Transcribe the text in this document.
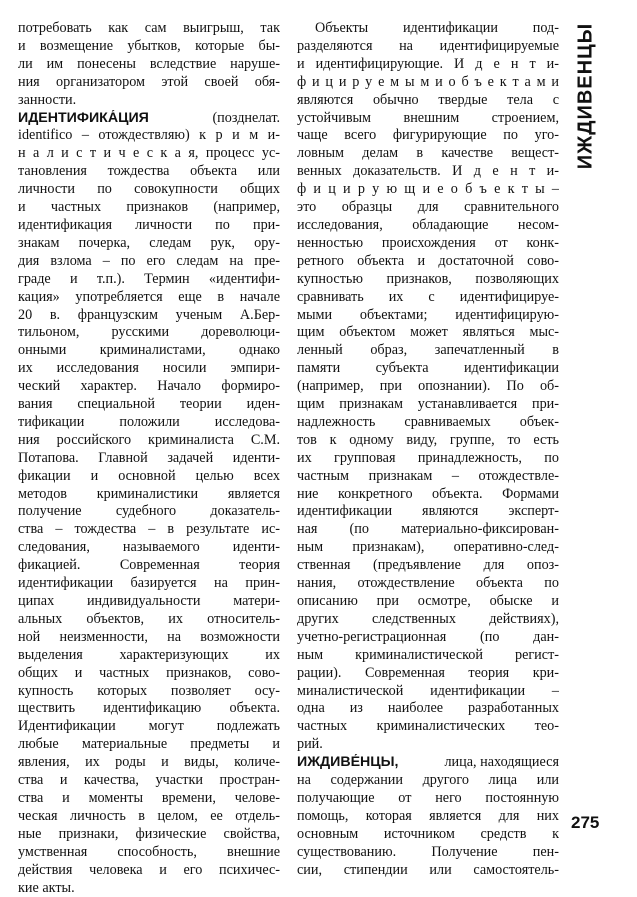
ИЖДИВЕНЦЫ
потребовать как сам выигрыш, так
и возмещение убытков, которые бы-
ли им понесены вследствие наруше-
ния организатором этой своей обя-
занности.
ИДЕНТИФИКА́ЦИЯ	(позднелат.
identifico – отождествляю) к р и м и-
н а л и с т и ч е с к а я, процесс ус-
тановления тождества объекта или
личности по совокупности общих
и частных признаков (например,
идентификация личности по при-
знакам почерка, следам рук, ору-
дия взлома – по его следам на пре-
граде и т.п.). Термин «идентифи-
кация» употребляется еще в начале
20 в. французским ученым А.Бер-
тильоном, русскими дореволюци-
онными криминалистами, однако
их исследования носили эмпири-
ческий характер. Начало формиро-
вания специальной теории иден-
тификации положили исследова-
ния российского криминалиста С.М.
Потапова. Главной задачей иденти-
фикации и основной целью всех
методов криминалистики является
получение судебного доказатель-
ства – тождества – в результате ис-
следования, называемого иденти-
фикацией. Современная теория
идентификации базируется на прин-
ципах индивидуальности матери-
альных объектов, их относитель-
ной неизменности, на возможности
выделения характеризующих их
общих и частных признаков, сово-
купность которых позволяет осу-
ществить идентификацию объекта.
Идентификации могут подлежать
любые материальные предметы и
явления, их роды и виды, количе-
ства и качества, участки простран-
ства и моменты времени, челове-
ческая личность в целом, ее отдель-
ные признаки, физические свойства,
умственная способность, внешние
действия человека и его психичес-
кие акты.
Объекты идентификации под-
разделяются на идентифицируемые
и идентифицирующие. И д е н т и-
ф и ц и р у е м ы м и о б ъ е к т а м и
являются обычно твердые тела с
устойчивым внешним строением,
чаще всего фигурирующие по уго-
ловным делам в качестве вещест-
венных доказательств. И д е н т и-
ф и ц и р у ю щ и е о б ъ е к т ы –
это образцы для сравнительного
исследования, обладающие несом-
ненностью происхождения от конк-
ретного объекта и достаточной сово-
купностью признаков, позволяющих
сравнивать их с идентифицируе-
мыми объектами; идентифицирую-
щим объектом может являться мыс-
ленный образ, запечатленный в
памяти субъекта идентификации
(например, при опознании). По об-
щим признакам устанавливается при-
надлежность сравниваемых объек-
тов к одному виду, группе, то есть
их групповая принадлежность, по
частным признакам – отождествле-
ние конкретного объекта. Формами
идентификации являются эксперт-
ная (по материально-фиксирован-
ным признакам), оперативно-след-
ственная (предъявление для опоз-
нания, отождествление объекта по
описанию при осмотре, обыске и
других следственных действиях),
учетно-регистрационная (по дан-
ным криминалистической регист-
рации). Современная теория кри-
миналистической идентификации –
одна из наиболее разработанных
частных криминалистических тео-
рий.
ИЖДИВЕ́НЦЫ,	лица, находящиеся
на содержании другого лица или
получающие от него постоянную
помощь, которая является для них
основным источником средств к
существованию. Получение пен-
сии, стипендии или самостоятель-
275
